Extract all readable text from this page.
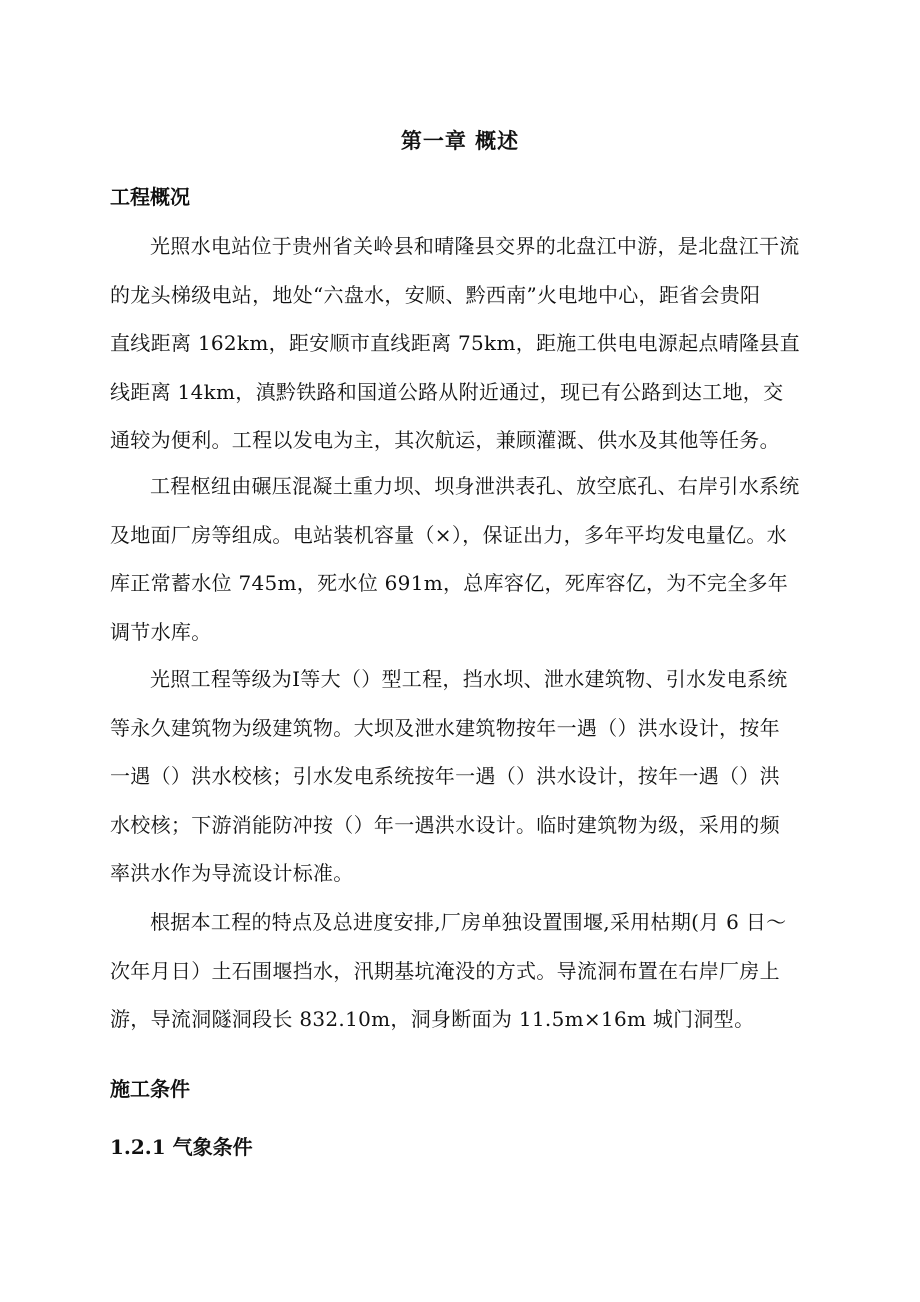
第一章 概述
工程概况
光照水电站位于贵州省关岭县和晴隆县交界的北盘江中游，是北盘江干流
的龙头梯级电站，地处“六盘水，安顺、黔西南”火电地中心，距省会贵阳
直线距离 162km，距安顺市直线距离 75km，距施工供电电源起点晴隆县直
线距离 14km，滇黔铁路和国道公路从附近通过，现已有公路到达工地，交
通较为便利。工程以发电为主，其次航运，兼顾灌溉、供水及其他等任务。
工程枢纽由碾压混凝土重力坝、坝身泄洪表孔、放空底孔、右岸引水系统
及地面厂房等组成。电站装机容量（×），保证出力，多年平均发电量亿。水
库正常蓄水位 745m，死水位 691m，总库容亿，死库容亿，为不完全多年
调节水库。
光照工程等级为Ⅰ等大（）型工程，挡水坝、泄水建筑物、引水发电系统
等永久建筑物为级建筑物。大坝及泄水建筑物按年一遇（）洪水设计，按年
一遇（）洪水校核；引水发电系统按年一遇（）洪水设计，按年一遇（）洪
水校核；下游消能防冲按（）年一遇洪水设计。临时建筑物为级，采用的频
率洪水作为导流设计标准。
根据本工程的特点及总进度安排,厂房单独设置围堰,采用枯期(月 6 日～
次年月日）土石围堰挡水，汛期基坑淹没的方式。导流洞布置在右岸厂房上
游，导流洞隧洞段长 832.10m，洞身断面为 11.5m×16m 城门洞型。
施工条件
1.2.1 气象条件
